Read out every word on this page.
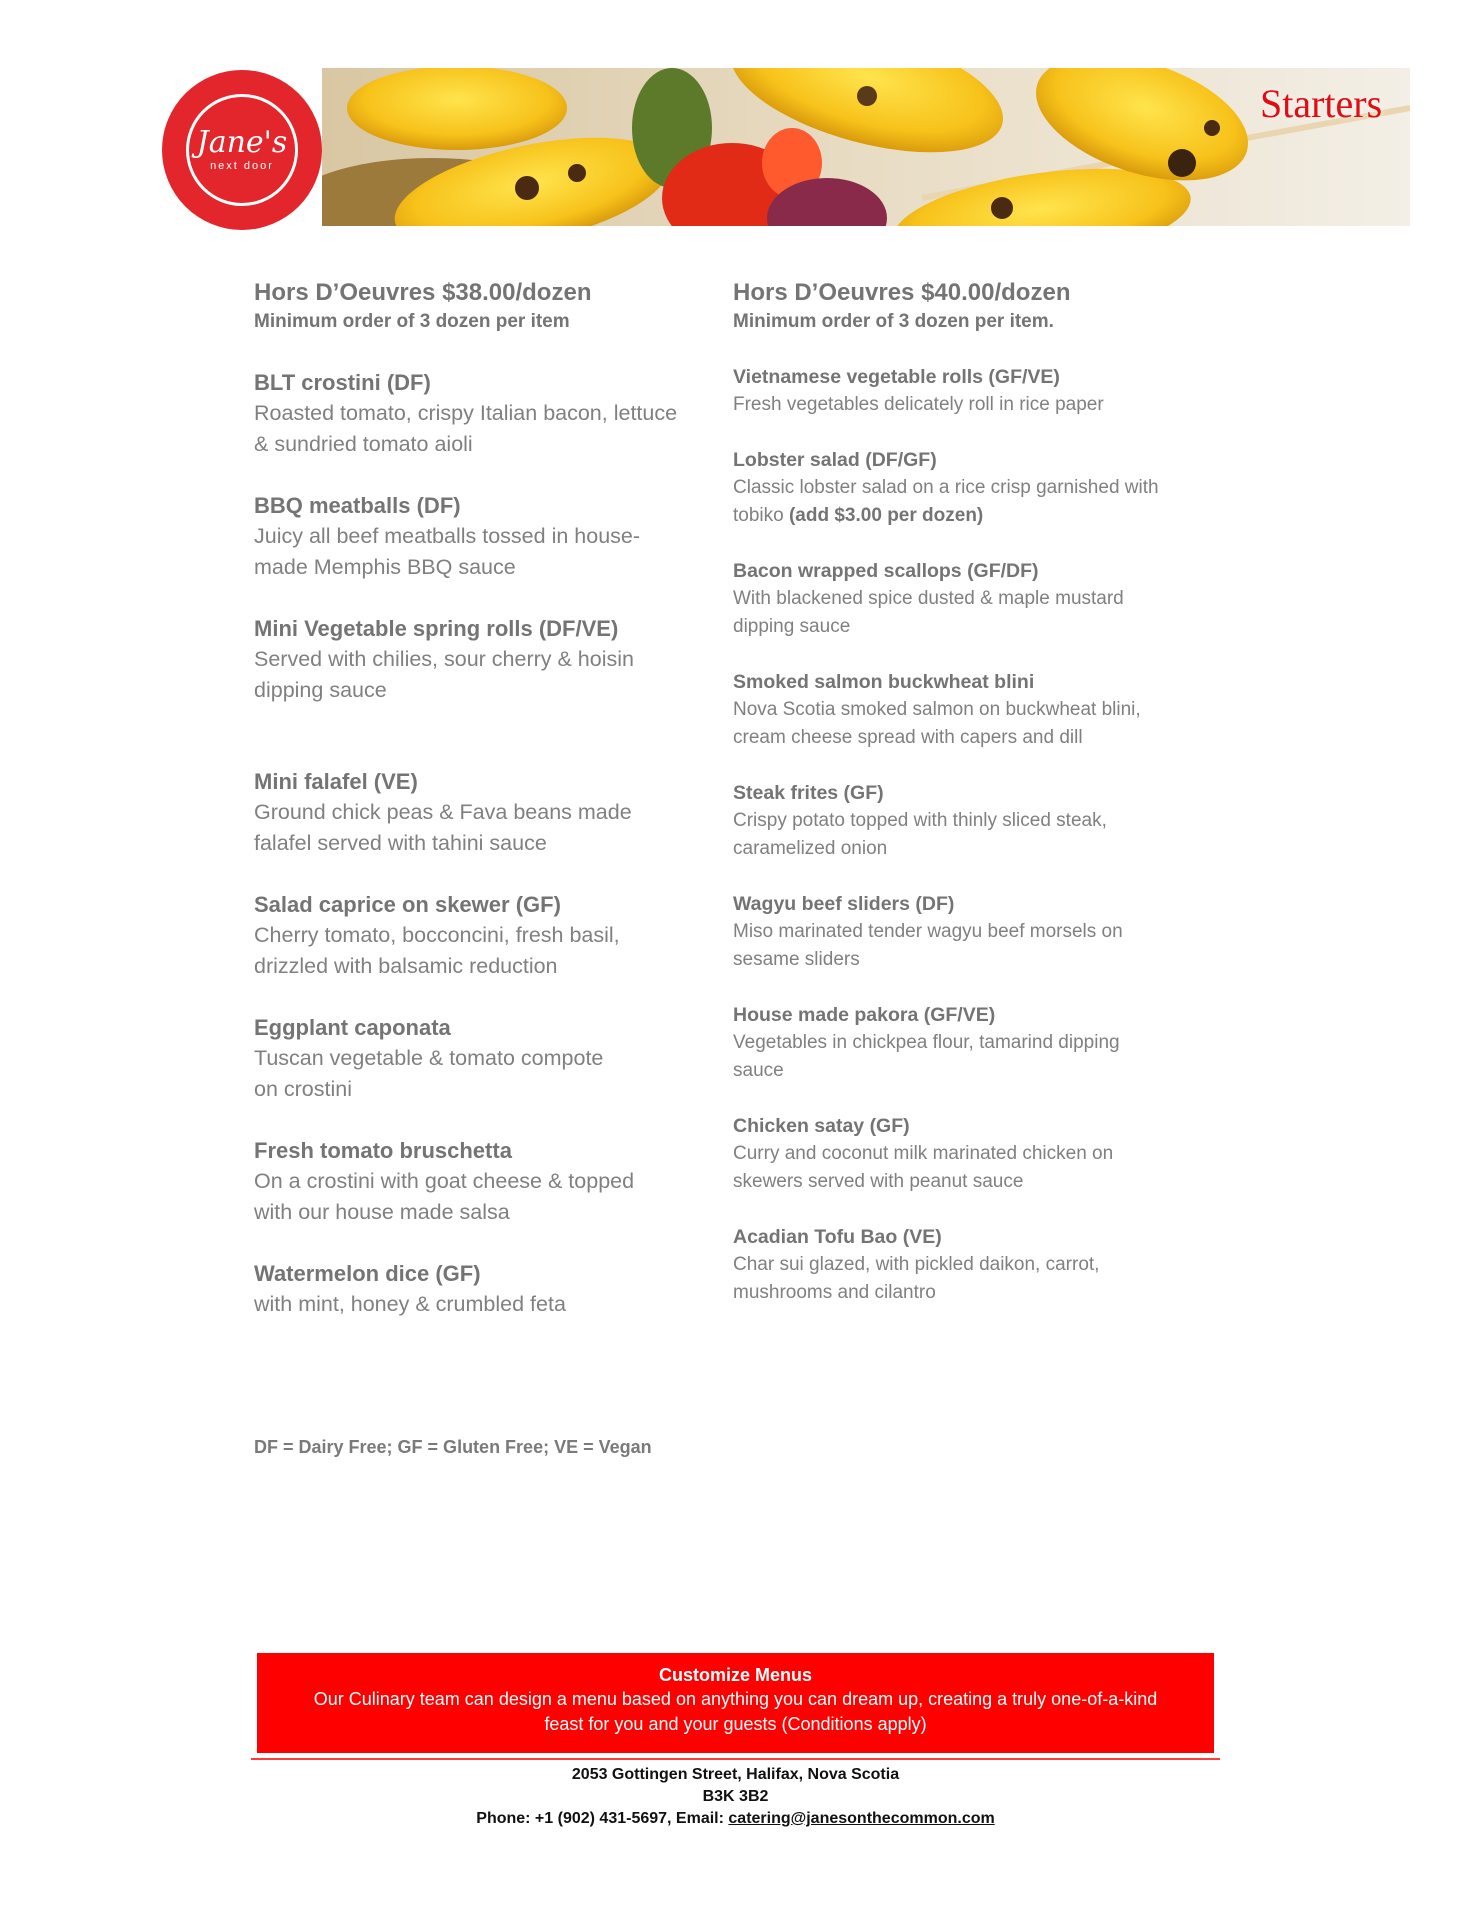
Jane's
next door
Starters
Hors D’Oeuvres $38.00/dozen
Minimum order of 3 dozen per item
BLT crostini (DF)
Roasted tomato, crispy Italian bacon, lettuce
& sundried tomato aioli
BBQ meatballs (DF)
Juicy all beef meatballs tossed in house-
made Memphis BBQ sauce
Mini Vegetable spring rolls (DF/VE)
Served with chilies, sour cherry & hoisin
dipping sauce
Mini falafel (VE)
Ground chick peas & Fava beans made
falafel served with tahini sauce
Salad caprice on skewer (GF)
Cherry tomato, bocconcini, fresh basil,
drizzled with balsamic reduction
Eggplant caponata
Tuscan vegetable & tomato compote
on crostini
Fresh tomato bruschetta
On a crostini with goat cheese & topped
with our house made salsa
Watermelon dice (GF)
with mint, honey & crumbled feta
Hors D’Oeuvres $40.00/dozen
Minimum order of 3 dozen per item.
Vietnamese vegetable rolls (GF/VE)
Fresh vegetables delicately roll in rice paper
Lobster salad (DF/GF)
Classic lobster salad on a rice crisp garnished with
tobiko (add $3.00 per dozen)
Bacon wrapped scallops (GF/DF)
With blackened spice dusted & maple mustard
dipping sauce
Smoked salmon buckwheat blini
Nova Scotia smoked salmon on buckwheat blini,
cream cheese spread with capers and dill
Steak frites (GF)
Crispy potato topped with thinly sliced steak,
caramelized onion
Wagyu beef sliders (DF)
Miso marinated tender wagyu beef morsels on
sesame sliders
House made pakora (GF/VE)
Vegetables in chickpea flour, tamarind dipping
sauce
Chicken satay (GF)
Curry and coconut milk marinated chicken on
skewers served with peanut sauce
Acadian Tofu Bao (VE)
Char sui glazed, with pickled daikon, carrot,
mushrooms and cilantro
DF = Dairy Free; GF = Gluten Free; VE = Vegan
Customize Menus
Our Culinary team can design a menu based on anything you can dream up, creating a truly one-of-a-kind
feast for you and your guests (Conditions apply)
2053 Gottingen Street, Halifax, Nova Scotia
B3K 3B2
Phone: +1 (902) 431-5697, Email: catering@janesonthecommon.com
